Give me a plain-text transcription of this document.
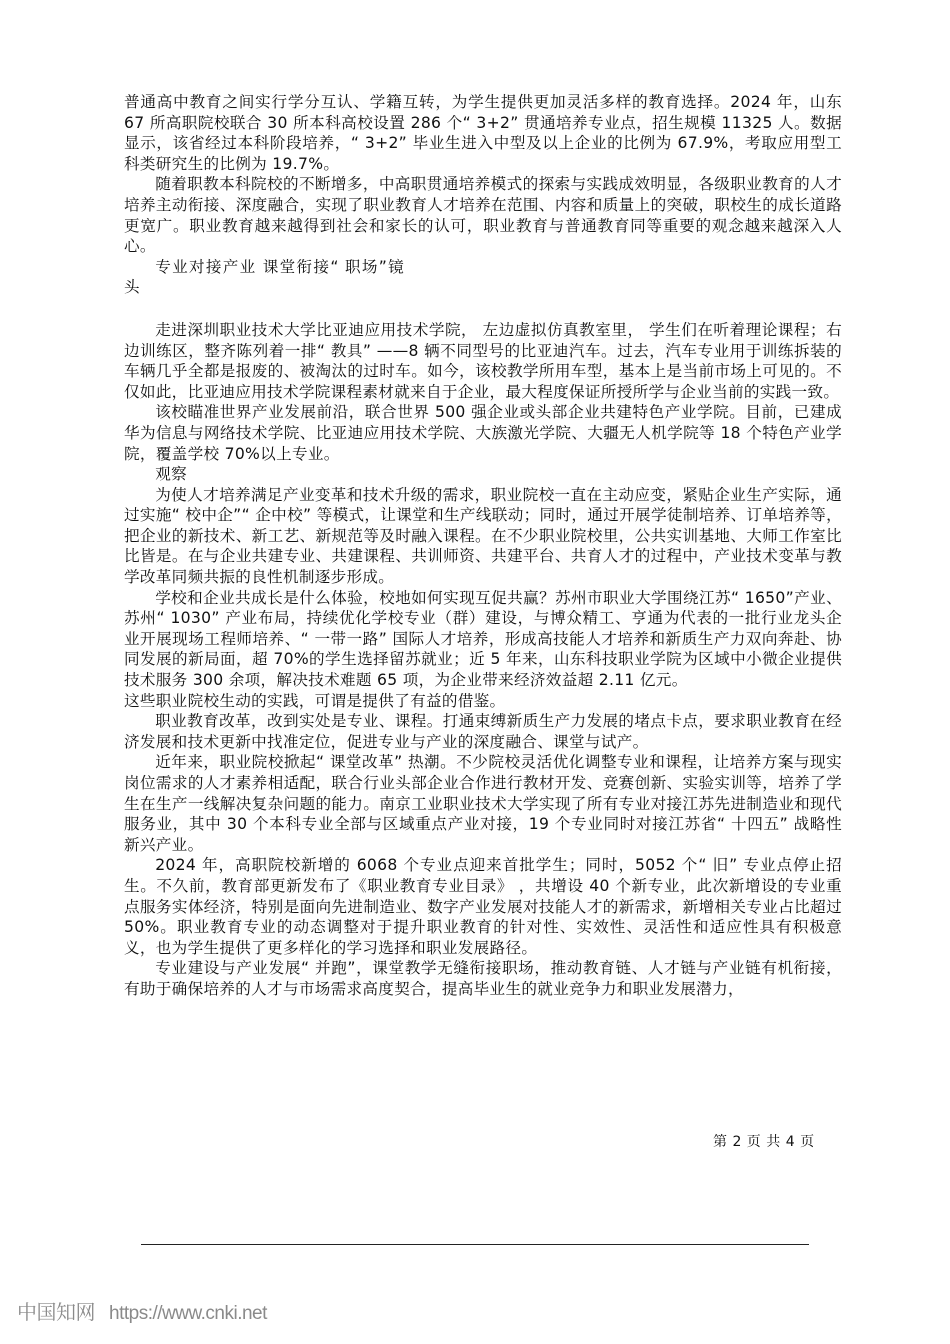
普通高中教育之间实行学分互认、学籍互转，为学生提供更加灵活多样的教育选择。2024 年，山东 67 所高职院校联合 30 所本科高校设置 286 个“ 3+2” 贯通培养专业点，招生规模 11325 人。数据显示，该省经过本科阶段培养，“ 3+2” 毕业生进入中型及以上企业的比例为 67.9%，考取应用型工科类研究生的比例为 19.7%。

随着职教本科院校的不断增多，中高职贯通培养模式的探索与实践成效明显，各级职业教育的人才培养主动衔接、深度融合，实现了职业教育人才培养在范围、内容和质量上的突破，职校生的成长道路更宽广。职业教育越来越得到社会和家长的认可，职业教育与普通教育同等重要的观念越来越深入人心。

专业对接产业 课堂衔接“ 职场”镜头

走进深圳职业技术大学比亚迪应用技术学院， 左边虚拟仿真教室里， 学生们在听着理论课程；右边训练区，整齐陈列着一排“ 教具” ——8 辆不同型号的比亚迪汽车。过去，汽车专业用于训练拆装的车辆几乎全都是报废的、被淘汰的过时车。如今，该校教学所用车型，基本上是当前市场上可见的。不仅如此，比亚迪应用技术学院课程素材就来自于企业，最大程度保证所授所学与企业当前的实践一致。

该校瞄准世界产业发展前沿，联合世界 500 强企业或头部企业共建特色产业学院。目前，已建成华为信息与网络技术学院、比亚迪应用技术学院、大族激光学院、大疆无人机学院等 18 个特色产业学院，覆盖学校 70%以上专业。

观察

为使人才培养满足产业变革和技术升级的需求，职业院校一直在主动应变，紧贴企业生产实际，通过实施“ 校中企”“ 企中校” 等模式，让课堂和生产线联动；同时，通过开展学徒制培养、订单培养等，把企业的新技术、新工艺、新规范等及时融入课程。在不少职业院校里，公共实训基地、大师工作室比比皆是。在与企业共建专业、共建课程、共训师资、共建平台、共育人才的过程中，产业技术变革与教学改革同频共振的良性机制逐步形成。

学校和企业共成长是什么体验，校地如何实现互促共赢？苏州市职业大学围绕江苏“ 1650”产业、苏州“ 1030” 产业布局，持续优化学校专业（群）建设，与博众精工、亨通为代表的一批行业龙头企业开展现场工程师培养、“ 一带一路” 国际人才培养，形成高技能人才培养和新质生产力双向奔赴、协同发展的新局面，超 70%的学生选择留苏就业；近 5 年来，山东科技职业学院为区域中小微企业提供技术服务 300 余项，解决技术难题 65 项，为企业带来经济效益超 2.11 亿元。

这些职业院校生动的实践，可谓是提供了有益的借鉴。

职业教育改革，改到实处是专业、课程。打通束缚新质生产力发展的堵点卡点，要求职业教育在经济发展和技术更新中找准定位，促进专业与产业的深度融合、课堂与试产。

近年来，职业院校掀起“ 课堂改革” 热潮。不少院校灵活优化调整专业和课程，让培养方案与现实岗位需求的人才素养相适配，联合行业头部企业合作进行教材开发、竞赛创新、实验实训等，培养了学生在生产一线解决复杂问题的能力。南京工业职业技术大学实现了所有专业对接江苏先进制造业和现代服务业，其中 30 个本科专业全部与区域重点产业对接，19 个专业同时对接江苏省“ 十四五” 战略性新兴产业。

2024 年，高职院校新增的 6068 个专业点迎来首批学生；同时，5052 个“ 旧” 专业点停止招生。不久前，教育部更新发布了《职业教育专业目录》 ，共增设 40 个新专业，此次新增设的专业重点服务实体经济，特别是面向先进制造业、数字产业发展对技能人才的新需求，新增相关专业占比超过 50%。职业教育专业的动态调整对于提升职业教育的针对性、实效性、灵活性和适应性具有积极意义，也为学生提供了更多样化的学习选择和职业发展路径。

专业建设与产业发展“ 并跑”，课堂教学无缝衔接职场，推动教育链、人才链与产业链有机衔接，有助于确保培养的人才与市场需求高度契合，提高毕业生的就业竞争力和职业发展潜力，

第 2 页 共 4 页
中国知网 https://www.cnki.net
